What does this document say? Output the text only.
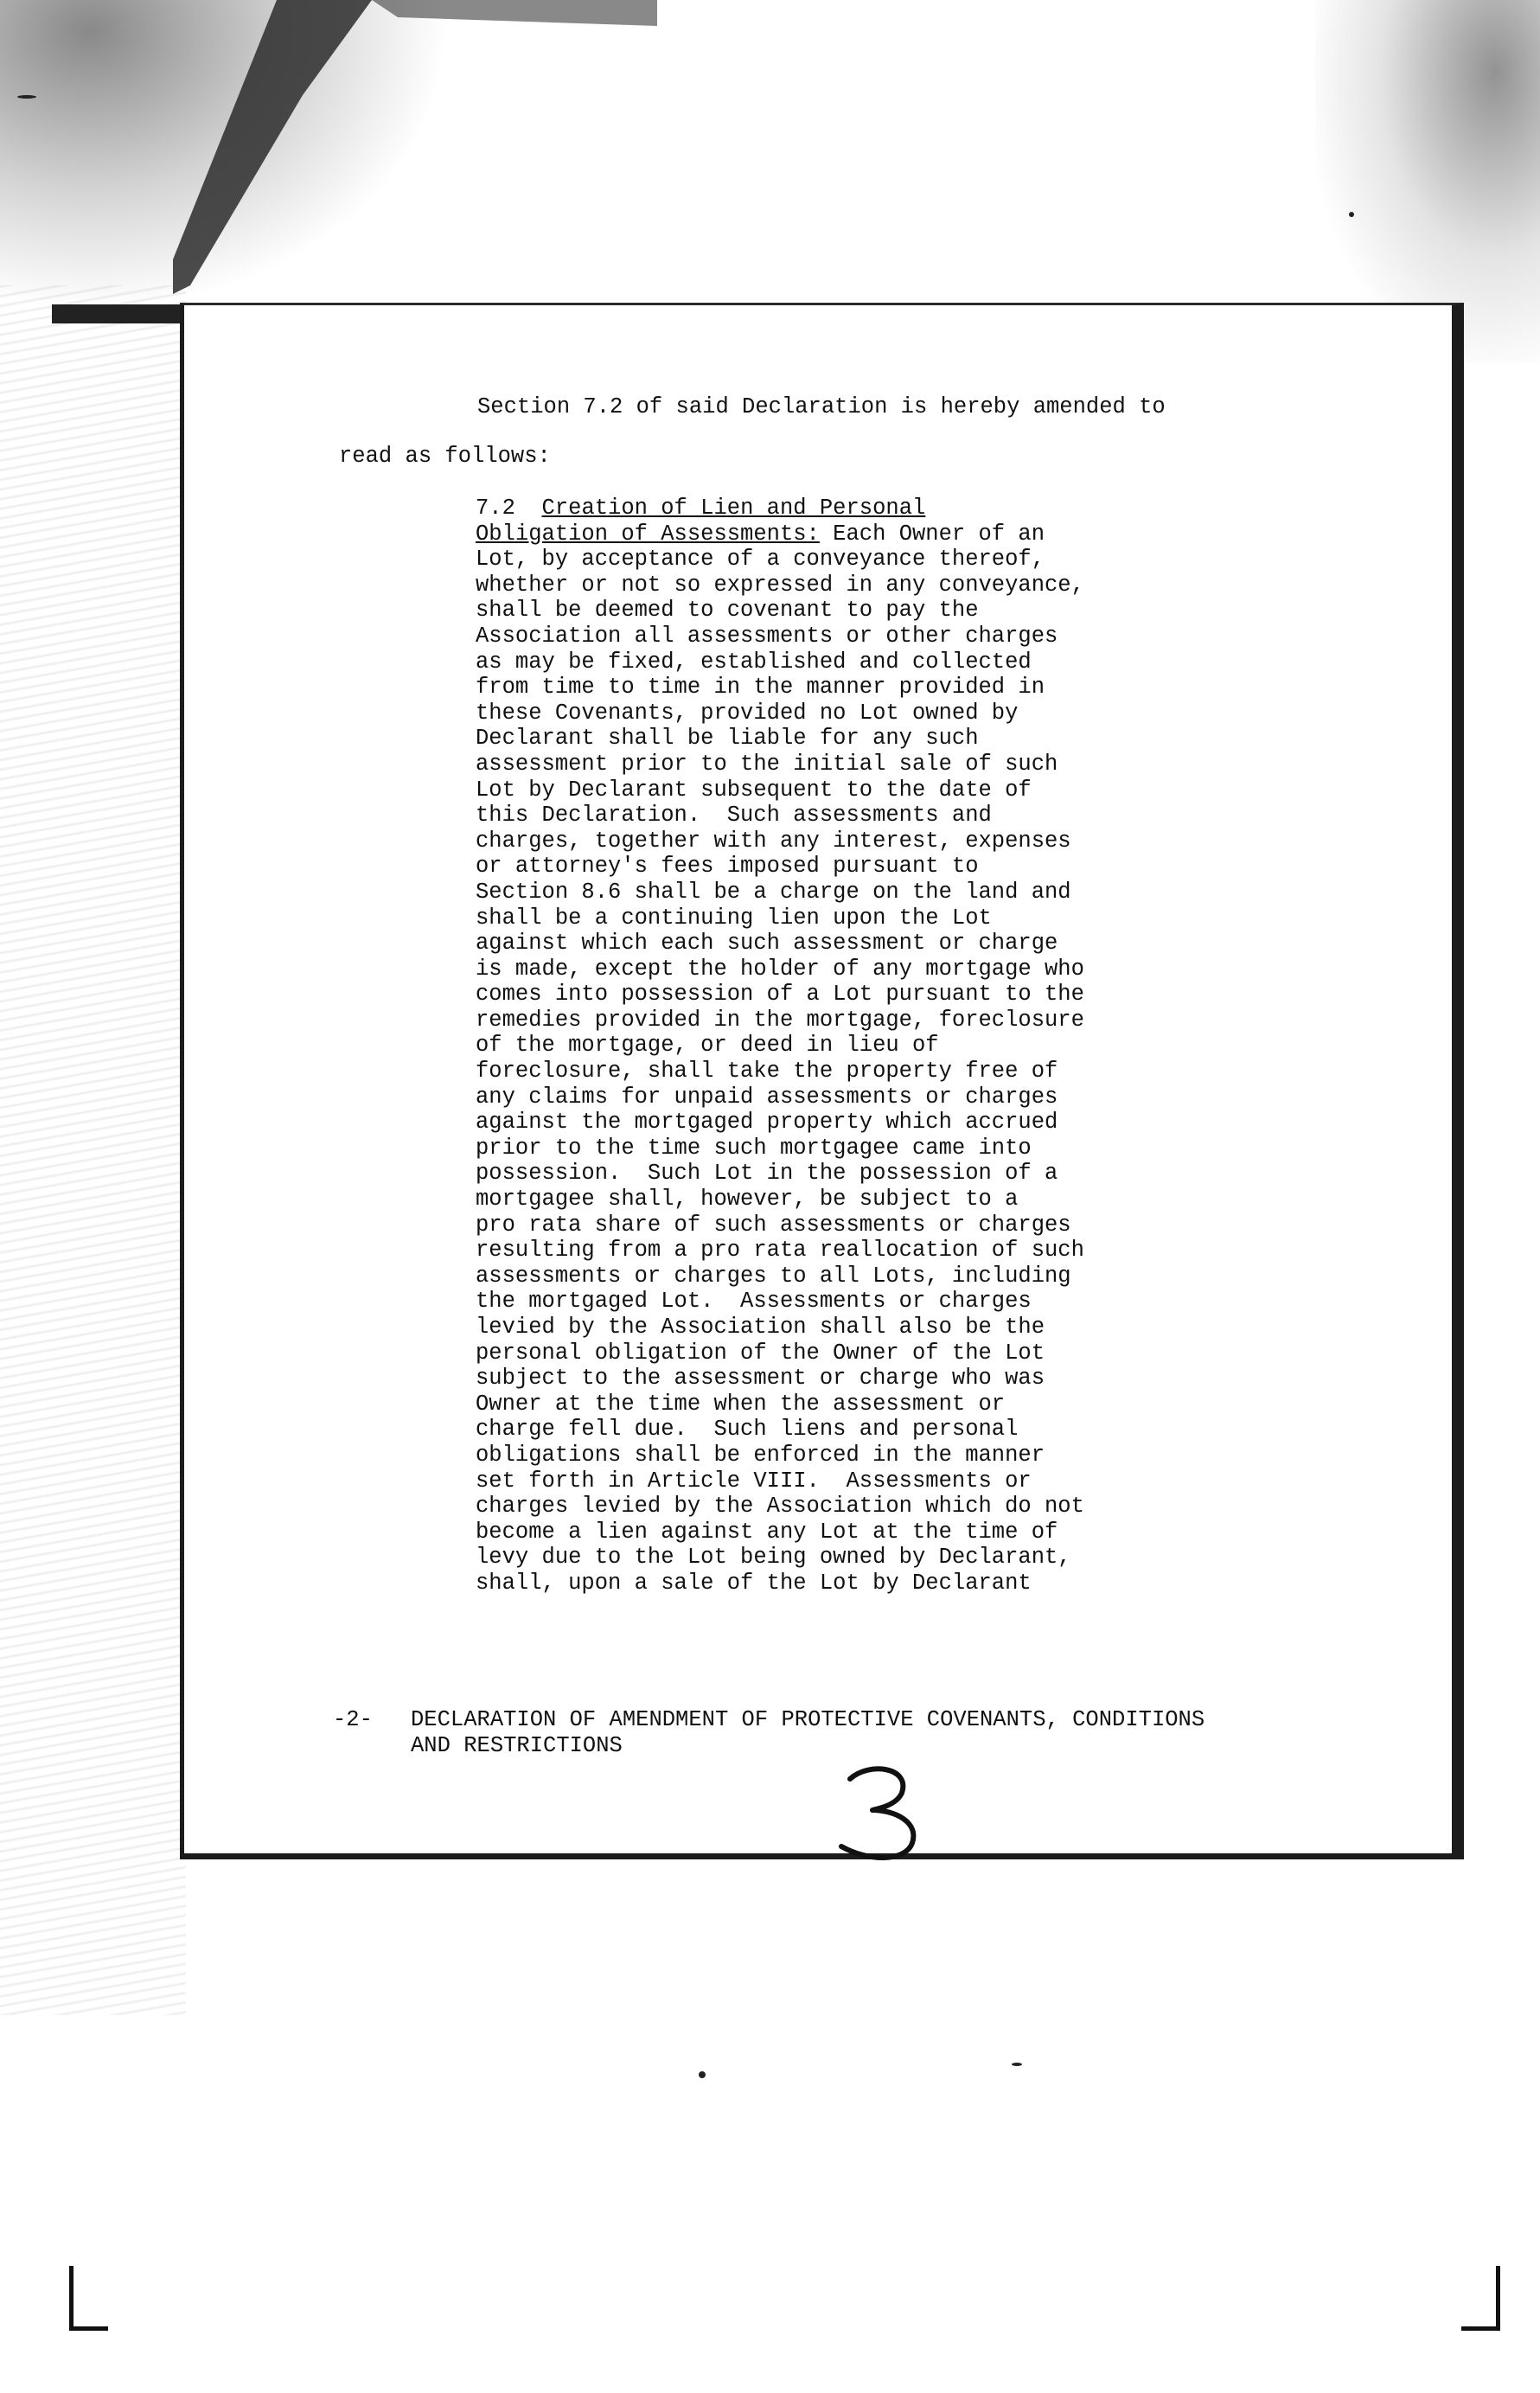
Section 7.2 of said Declaration is hereby amended to
read as follows:
7.2 Creation of Lien and Personal
Obligation of Assessments: Each Owner of an
Lot, by acceptance of a conveyance thereof,
whether or not so expressed in any conveyance,
shall be deemed to covenant to pay the
Association all assessments or other charges
as may be fixed, established and collected
from time to time in the manner provided in
these Covenants, provided no Lot owned by
Declarant shall be liable for any such
assessment prior to the initial sale of such
Lot by Declarant subsequent to the date of
this Declaration.  Such assessments and
charges, together with any interest, expenses
or attorney's fees imposed pursuant to
Section 8.6 shall be a charge on the land and
shall be a continuing lien upon the Lot
against which each such assessment or charge
is made, except the holder of any mortgage who
comes into possession of a Lot pursuant to the
remedies provided in the mortgage, foreclosure
of the mortgage, or deed in lieu of
foreclosure, shall take the property free of
any claims for unpaid assessments or charges
against the mortgaged property which accrued
prior to the time such mortgagee came into
possession.  Such Lot in the possession of a
mortgagee shall, however, be subject to a
pro rata share of such assessments or charges
resulting from a pro rata reallocation of such
assessments or charges to all Lots, including
the mortgaged Lot.  Assessments or charges
levied by the Association shall also be the
personal obligation of the Owner of the Lot
subject to the assessment or charge who was
Owner at the time when the assessment or
charge fell due.  Such liens and personal
obligations shall be enforced in the manner
set forth in Article VIII.  Assessments or
charges levied by the Association which do not
become a lien against any Lot at the time of
levy due to the Lot being owned by Declarant,
shall, upon a sale of the Lot by Declarant
-2- DECLARATION OF AMENDMENT OF PROTECTIVE COVENANTS, CONDITIONS
AND RESTRICTIONS
